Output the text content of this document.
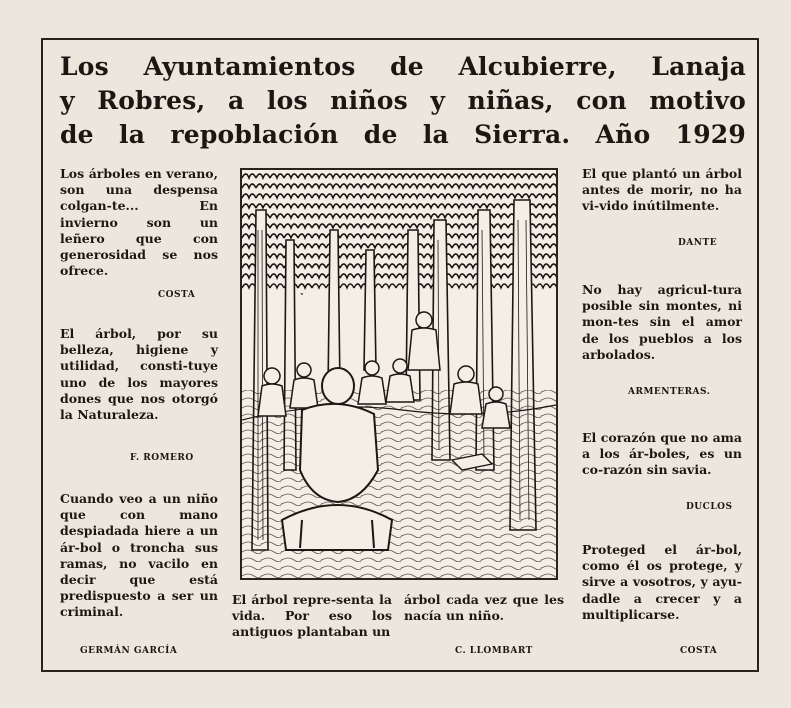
Los Ayuntamientos de Alcubierre, Lanaja
y Robres, a los niños y niñas, con motivo
de la repoblación de la Sierra. Año 1929
Los árboles en verano, son una despensa colgan-te... En invierno son un leñero que con generosidad se nos ofrece.
COSTA
El árbol, por su belleza, higiene y utilidad, consti-tuye uno de los mayores dones que nos otorgó la Naturaleza.
F. ROMERO
Cuando veo a un niño que con mano despiadada hiere a un ár-bol o troncha sus ramas, no vacilo en decir que está predispuesto a ser un criminal.
GERMÁN GARCÍA
El que plantó un árbol antes de morir, no ha vi-vido inútilmente.
DANTE
No hay agricul-tura posible sin montes, ni mon-tes sin el amor de los pueblos a los arbolados.
ARMENTERAS.
El corazón que no ama a los ár-boles, es un co-razón sin savia.
DUCLOS
Proteged el ár-bol, como él os protege, y sirve a vosotros, y ayu-dadle a crecer y a multiplicarse.
COSTA
El árbol repre-senta la vida. Por eso los antiguos plantaban un
árbol cada vez que les nacía un niño.
C. LLOMBART
